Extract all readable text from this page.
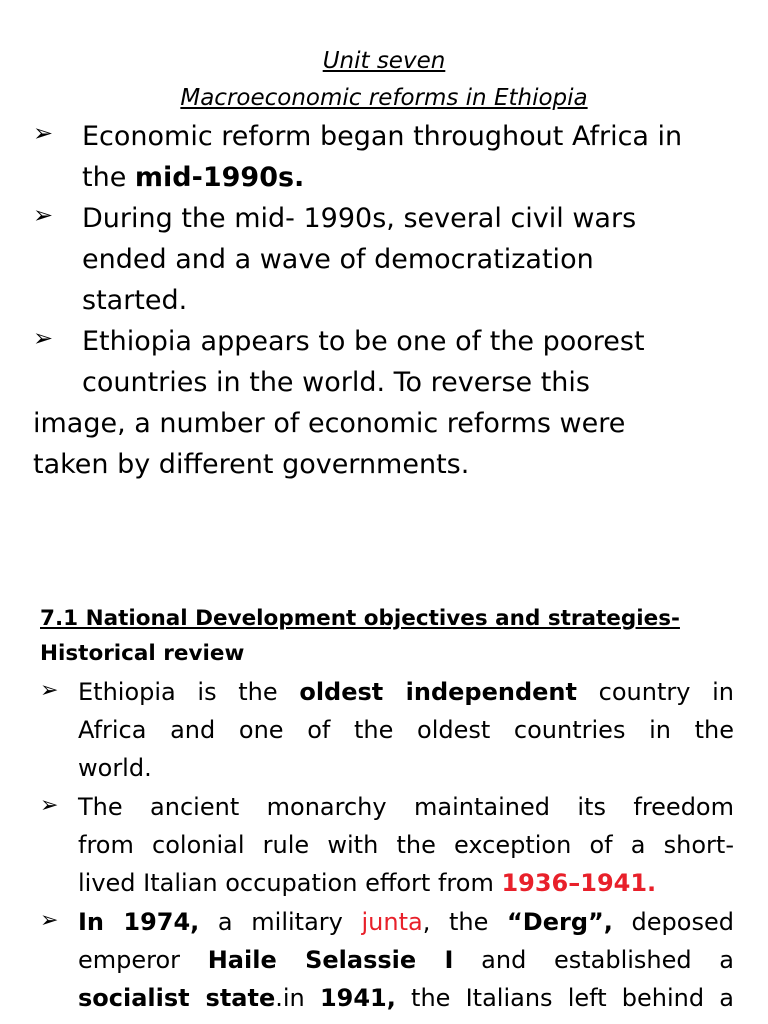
Unit seven
Macroeconomic reforms in Ethiopia
➢ Economic reform began throughout Africa in
the mid-1990s.
➢ During the mid- 1990s, several civil wars
ended and a wave of democratization
started.
➢ Ethiopia appears to be one of the poorest
countries in the world. To reverse this
image, a number of economic reforms were
taken by different governments.
7.1 National Development objectives and strategies-
Historical review
➢ Ethiopia is the oldest independent country in
Africa and one of the oldest countries in the
world.
➢ The ancient monarchy maintained its freedom
from colonial rule with the exception of a short-
lived Italian occupation effort from 1936–1941.
➢ In 1974, a military junta, the “Derg”, deposed
emperor Haile Selassie I and established a
socialist state.in 1941, the Italians left behind a
